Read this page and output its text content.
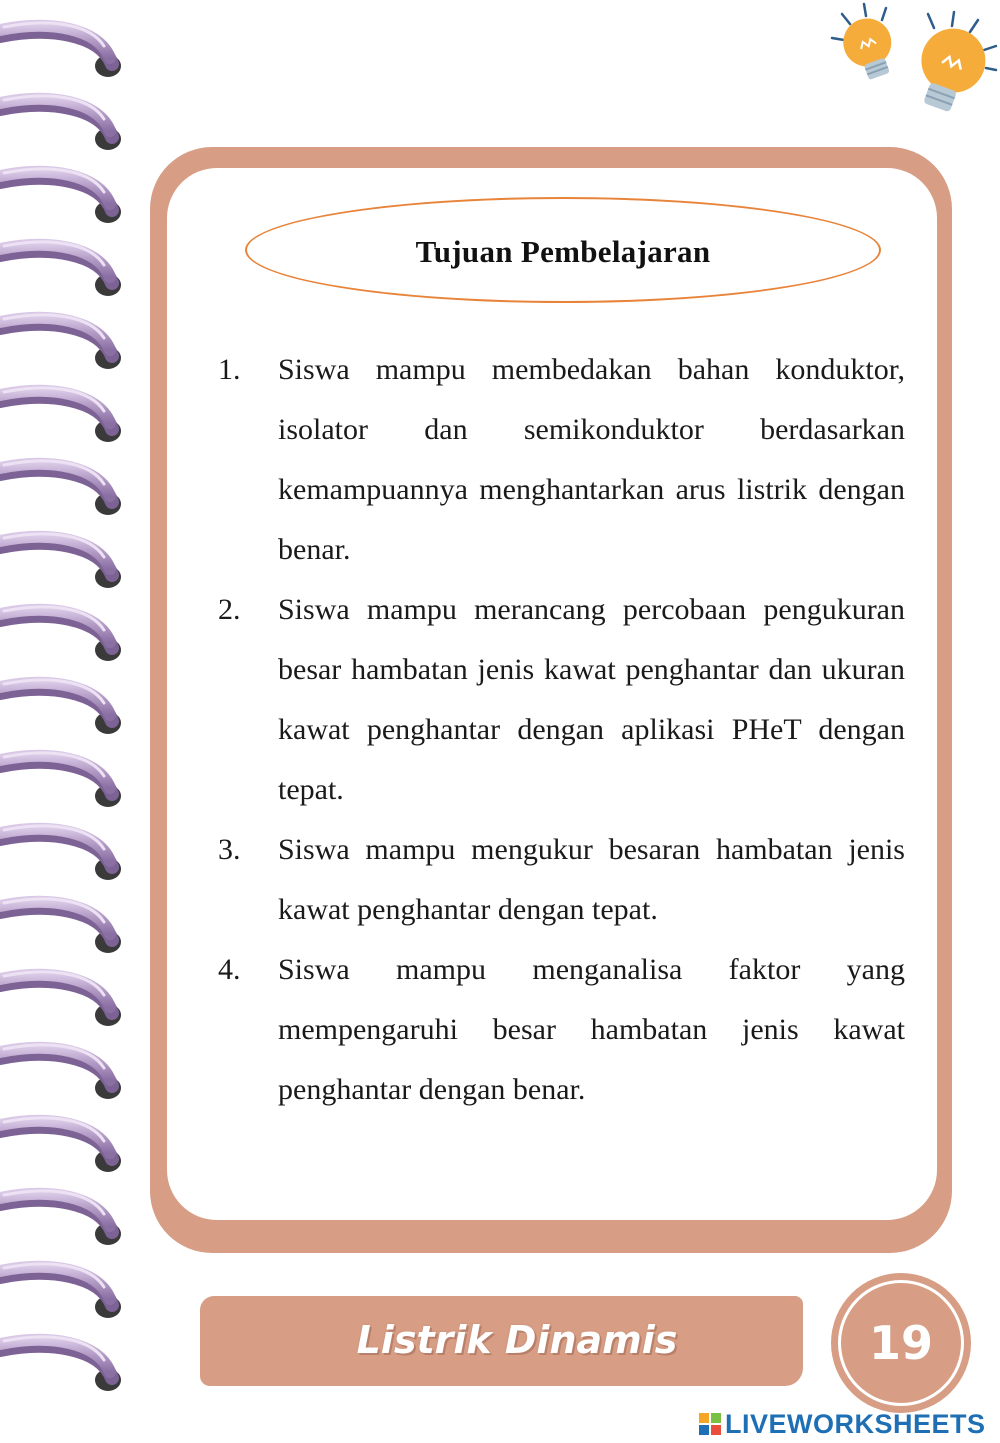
Tujuan Pembelajaran
1.	Siswa mampu membedakan bahan konduktor, isolator dan semikonduktor berdasarkan kemampuannya menghantarkan arus listrik dengan benar.
2.	Siswa mampu merancang percobaan pengukuran besar hambatan jenis kawat penghantar dan ukuran kawat penghantar dengan aplikasi PHeT dengan tepat.
3.	Siswa mampu mengukur besaran hambatan jenis kawat penghantar dengan tepat.
4.	Siswa mampu menganalisa faktor yang mempengaruhi besar hambatan jenis kawat penghantar dengan benar.
Listrik Dinamis	19
LIVEWORKSHEETS
